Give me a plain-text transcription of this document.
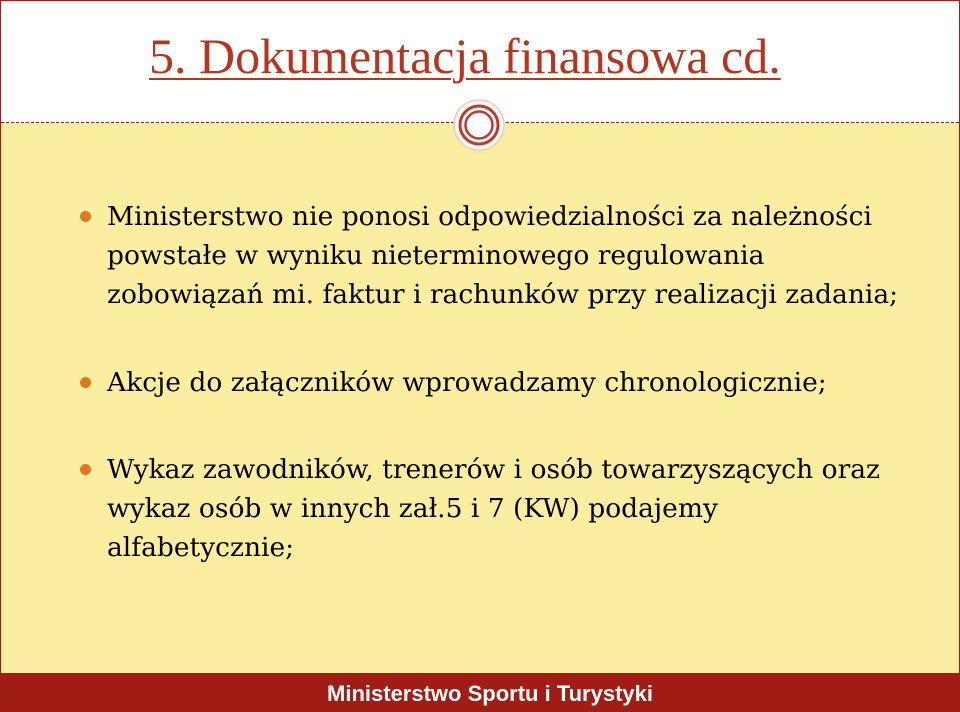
5. Dokumentacja finansowa cd.
Ministerstwo nie ponosi odpowiedzialności za należności powstałe w wyniku nieterminowego regulowania zobowiązań mi. faktur i rachunków przy realizacji zadania;
Akcje do załączników wprowadzamy chronologicznie;
Wykaz zawodników, trenerów i osób towarzyszących oraz wykaz osób w innych zał.5 i 7 (KW) podajemy alfabetycznie;
Ministerstwo Sportu i Turystyki
